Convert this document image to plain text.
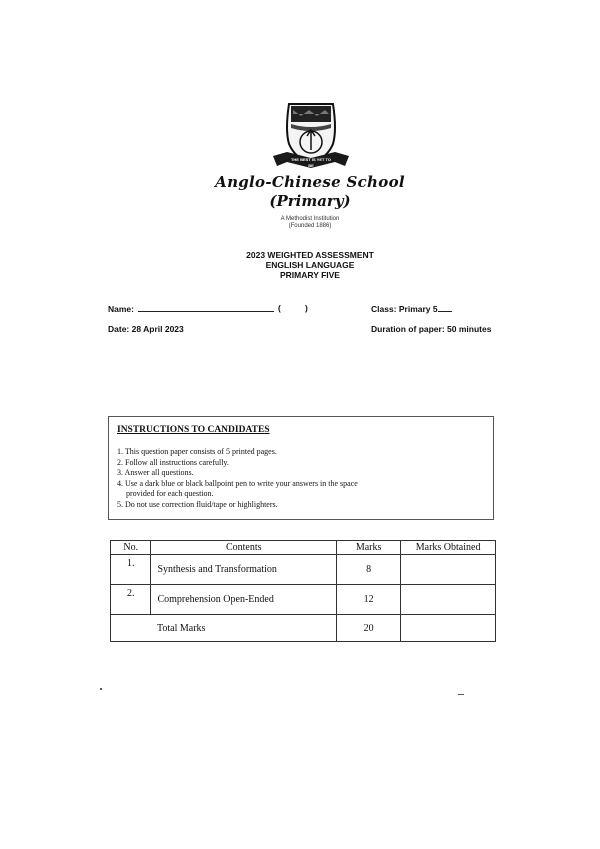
THE BEST IS YET TO BE
Anglo-Chinese School
(Primary)
A Methodist Institution
(Founded 1886)
2023 WEIGHTED ASSESSMENT
ENGLISH LANGUAGE
PRIMARY FIVE
Name:	(	)	Class: Primary 5
Date: 28 April 2023	Duration of paper: 50 minutes
INSTRUCTIONS TO CANDIDATES
1. This question paper consists of 5 printed pages.
2. Follow all instructions carefully.
3. Answer all questions.
4. Use a dark blue or black ballpoint pen to write your answers in the space
provided for each question.
5. Do not use correction fluid/tape or highlighters.
No.	Contents	Marks	Marks Obtained
1.	Synthesis and Transformation	8	
2.	Comprehension Open-Ended	12	
	Total Marks	20	
